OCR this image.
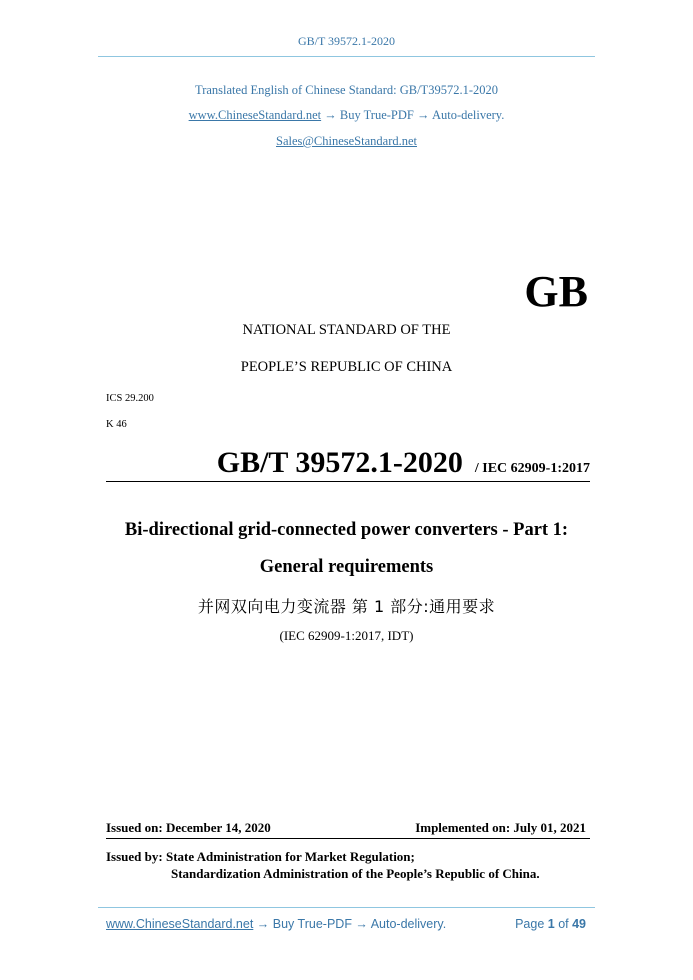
GB/T 39572.1-2020
Translated English of Chinese Standard: GB/T39572.1-2020
www.ChineseStandard.net → Buy True-PDF → Auto-delivery.
Sales@ChineseStandard.net
GB
NATIONAL STANDARD OF THE
PEOPLE’S REPUBLIC OF CHINA
ICS 29.200
K 46
GB/T 39572.1-2020 / IEC 62909-1:2017
Bi-directional grid-connected power converters - Part 1:
General requirements
并网双向电力变流器 第 1 部分:通用要求
(IEC 62909-1:2017, IDT)
Issued on: December 14, 2020	Implemented on: July 01, 2021
Issued by: State Administration for Market Regulation;
Standardization Administration of the People’s Republic of China.
www.ChineseStandard.net → Buy True-PDF → Auto-delivery.	Page 1 of 49
